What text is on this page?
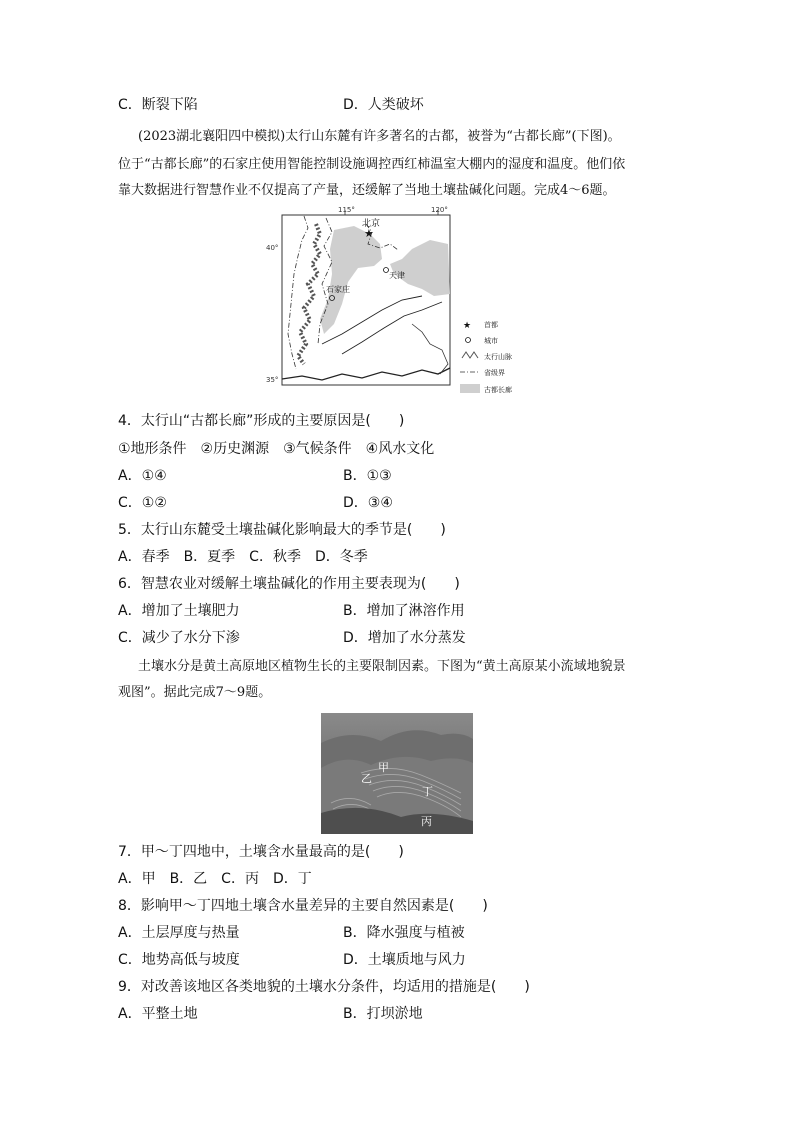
C．断裂下陷	D．人类破坏
(2023湖北襄阳四中模拟)太行山东麓有许多著名的古都，被誉为“古都长廊”(下图)。
位于“古都长廊”的石家庄使用智能控制设施调控西红柿温室大棚内的湿度和温度。他们依
靠大数据进行智慧作业不仅提高了产量，还缓解了当地土壤盐碱化问题。完成4～6题。
115°	120°
40°
35°
★
北京
天津
石家庄
★ 首都
城市
太行山脉
省级界
古都长廊
4．太行山“古都长廊”形成的主要原因是(　　)
①地形条件　②历史渊源　③气候条件　④风水文化
A．①④	B．①③
C．①②	D．③④
5．太行山东麓受土壤盐碱化影响最大的季节是(　　)
A．春季　B．夏季　C．秋季　D．冬季
6．智慧农业对缓解土壤盐碱化的作用主要表现为(　　)
A．增加了土壤肥力	B．增加了淋溶作用
C．减少了水分下渗	D．增加了水分蒸发
土壤水分是黄土高原地区植物生长的主要限制因素。下图为“黄土高原某小流域地貌景
观图”。据此完成7～9题。
甲
乙
丁
丙
7．甲～丁四地中，土壤含水量最高的是(　　)
A．甲　B．乙　C．丙　D．丁
8．影响甲～丁四地土壤含水量差异的主要自然因素是(　　)
A．土层厚度与热量	B．降水强度与植被
C．地势高低与坡度	D．土壤质地与风力
9．对改善该地区各类地貌的土壤水分条件，均适用的措施是(　　)
A．平整土地	B．打坝淤地
